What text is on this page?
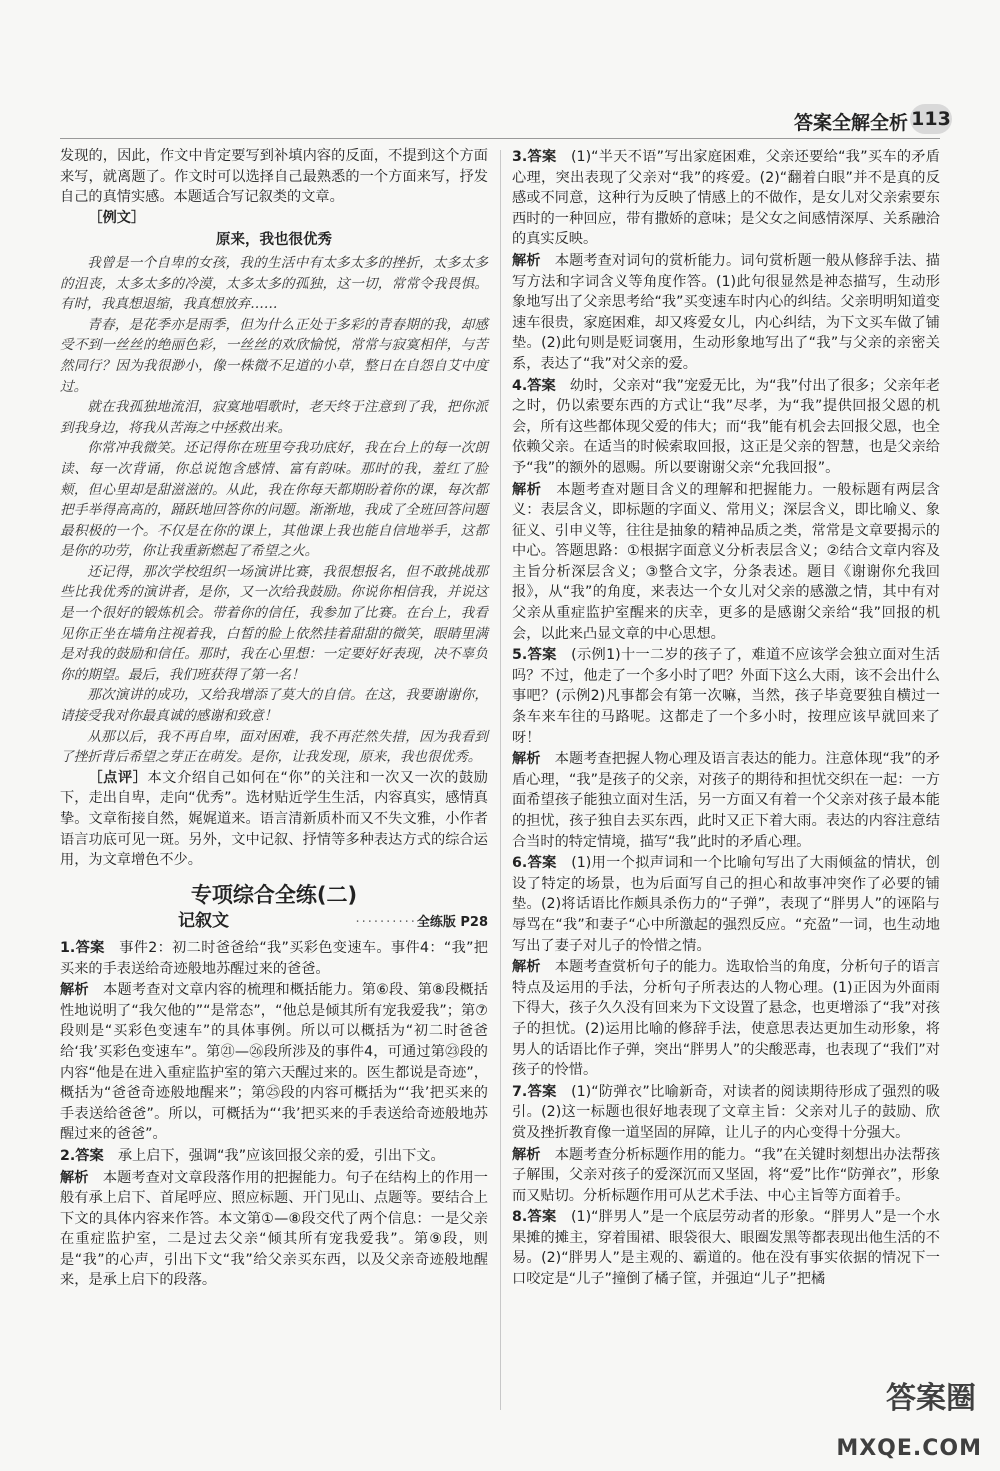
答案全解全析 113

发现的，因此，作文中肯定要写到补填内容的反面，不提到这个方面来写，就离题了。作文时可以选择自己最熟悉的一个方面来写，抒发自己的真情实感。本题适合写记叙类的文章。

［例文］

原来，我也很优秀

我曾是一个自卑的女孩，我的生活中有太多太多的挫折，太多太多的沮丧，太多太多的冷漠，太多太多的孤独，这一切，常常令我畏惧。有时，我真想退缩，我真想放弃……

青春，是花季亦是雨季，但为什么正处于多彩的青春期的我，却感受不到一丝丝的绝丽色彩，一丝丝的欢欣愉悦，常常与寂寞相伴，与苦然同行？因为我很渺小，像一株微不足道的小草，整日在自怨自艾中度过。

就在我孤独地流泪，寂寞地唱歌时，老天终于注意到了我，把你派到我身边，将我从苦海之中拯救出来。

你常冲我微笑。还记得你在班里夸我功底好，我在台上的每一次朗读、每一次背诵，你总说饱含感情、富有韵味。那时的我，羞红了脸颊，但心里却是甜滋滋的。从此，我在你每天都期盼着你的课，每次都把手举得高高的，踊跃地回答你的问题。渐渐地，我成了全班回答问题最积极的一个。不仅是在你的课上，其他课上我也能自信地举手，这都是你的功劳，你让我重新燃起了希望之火。

还记得，那次学校组织一场演讲比赛，我很想报名，但不敢挑战那些比我优秀的演讲者，是你，又一次给我鼓励。你说你相信我，并说这是一个很好的锻炼机会。带着你的信任，我参加了比赛。在台上，我看见你正坐在墙角注视着我，白皙的脸上依然挂着甜甜的微笑，眼睛里满是对我的鼓励和信任。那时，我在心里想：一定要好好表现，决不辜负你的期望。最后，我们班获得了第一名！

那次演讲的成功，又给我增添了莫大的自信。在这，我要谢谢你，请接受我对你最真诚的感谢和致意！

从那以后，我不再自卑，面对困难，我不再茫然失措，因为我看到了挫折背后希望之芽正在萌发。是你，让我发现，原来，我也很优秀。

［点评］本文介绍自己如何在“你”的关注和一次又一次的鼓励下，走出自卑，走向“优秀”。选材贴近学生生活，内容真实，感情真挚。文章衔接自然，娓娓道来。语言清新质朴而又不失文雅，小作者语言功底可见一斑。另外，文中记叙、抒情等多种表达方式的综合运用，为文章增色不少。

专项综合全练(二)
记叙文	··········全练版 P28

1.答案　 事件2：初二时爸爸给“我”买彩色变速车。事件4：“我”把买来的手表送给奇迹般地苏醒过来的爸爸。

解析　 本题考查对文章内容的梳理和概括能力。第⑥段、第⑧段概括性地说明了“我欠他的”“是常态”，“他总是倾其所有宠我爱我”；第⑦段则是“买彩色变速车”的具体事例。所以可以概括为“初二时爸爸给‘我’买彩色变速车”。第㉑—㉖段所涉及的事件4，可通过第㉓段的内容“他是在进入重症监护室的第六天醒过来的。医生都说是奇迹”，概括为“爸爸奇迹般地醒来”；第㉕段的内容可概括为“‘我’把买来的手表送给爸爸”。所以，可概括为“‘我’把买来的手表送给奇迹般地苏醒过来的爸爸”。

2.答案　 承上启下，强调“我”应该回报父亲的爱，引出下文。

解析　 本题考查对文章段落作用的把握能力。句子在结构上的作用一般有承上启下、首尾呼应、照应标题、开门见山、点题等。要结合上下文的具体内容来作答。本文第①—⑧段交代了两个信息：一是父亲在重症监护室，二是过去父亲“倾其所有宠我爱我”。第⑨段，则是“我”的心声，引出下文“我”给父亲买东西，以及父亲奇迹般地醒来，是承上启下的段落。

3.答案　 (1)“半天不语”写出家庭困难，父亲还要给“我”买车的矛盾心理，突出表现了父亲对“我”的疼爱。(2)“翻着白眼”并不是真的反感或不同意，这种行为反映了情感上的不做作，是女儿对父亲索要东西时的一种回应，带有撒娇的意味；是父女之间感情深厚、关系融洽的真实反映。

解析　 本题考查对词句的赏析能力。词句赏析题一般从修辞手法、描写方法和字词含义等角度作答。(1)此句很显然是神态描写，生动形象地写出了父亲思考给“我”买变速车时内心的纠结。父亲明明知道变速车很贵，家庭困难，却又疼爱女儿，内心纠结，为下文买车做了铺垫。(2)此句则是贬词褒用，生动形象地写出了“我”与父亲的亲密关系，表达了“我”对父亲的爱。

4.答案　 幼时，父亲对“我”宠爱无比，为“我”付出了很多；父亲年老之时，仍以索要东西的方式让“我”尽孝，为“我”提供回报父恩的机会，所有这些都体现父爱的伟大；而“我”能有机会去回报父恩，也全依赖父亲。在适当的时候索取回报，这正是父亲的智慧，也是父亲给予“我”的额外的恩赐。所以要谢谢父亲“允我回报”。

解析　 本题考查对题目含义的理解和把握能力。一般标题有两层含义：表层含义，即标题的字面义、常用义；深层含义，即比喻义、象征义、引申义等，往往是抽象的精神品质之类，常常是文章要揭示的中心。答题思路：①根据字面意义分析表层含义；②结合文章内容及主旨分析深层含义；③整合文字，分条表述。题目《谢谢你允我回报》，从“我”的角度，来表达一个女儿对父亲的感激之情，其中有对父亲从重症监护室醒来的庆幸，更多的是感谢父亲给“我”回报的机会，以此来凸显文章的中心思想。

5.答案　 (示例1)十一二岁的孩子了，难道不应该学会独立面对生活吗？不过，他走了一个多小时了吧？外面下这么大雨，该不会出什么事吧？(示例2)凡事都会有第一次嘛，当然，孩子毕竟要独自横过一条车来车往的马路呢。这都走了一个多小时，按理应该早就回来了呀！

解析　 本题考查把握人物心理及语言表达的能力。注意体现“我”的矛盾心理，“我”是孩子的父亲，对孩子的期待和担忧交织在一起：一方面希望孩子能独立面对生活，另一方面又有着一个父亲对孩子最本能的担忧，孩子独自去买东西，此时又正下着大雨。表达的内容注意结合当时的特定情境，描写“我”此时的矛盾心理。

6.答案　 (1)用一个拟声词和一个比喻句写出了大雨倾盆的情状，创设了特定的场景，也为后面写自己的担心和故事冲突作了必要的铺垫。(2)将话语比作颇具杀伤力的“子弹”，表现了“胖男人”的诬陷与辱骂在“我”和妻子“心中所激起的强烈反应。“充盈”一词，也生动地写出了妻子对儿子的怜惜之情。

解析　 本题考查赏析句子的能力。选取恰当的角度，分析句子的语言特点及运用的手法，分析句子所表达的人物心理。(1)正因为外面雨下得大，孩子久久没有回来为下文设置了悬念，也更增添了“我”对孩子的担忧。(2)运用比喻的修辞手法，使意思表达更加生动形象，将男人的话语比作子弹，突出“胖男人”的尖酸恶毒，也表现了“我们”对孩子的怜惜。

7.答案　 (1)“防弹衣”比喻新奇，对读者的阅读期待形成了强烈的吸引。(2)这一标题也很好地表现了文章主旨：父亲对儿子的鼓励、欣赏及挫折教育像一道坚固的屏障，让儿子的内心变得十分强大。

解析　 本题考查分析标题作用的能力。“我”在关键时刻想出办法帮孩子解围，父亲对孩子的爱深沉而又坚固，将“爱”比作“防弹衣”，形象而又贴切。分析标题作用可从艺术手法、中心主旨等方面着手。

8.答案　 (1)“胖男人”是一个底层劳动者的形象。“胖男人”是一个水果摊的摊主，穿着围裙、眼袋很大、眼圈发黑等都表现出他生活的不易。(2)“胖男人”是主观的、霸道的。他在没有事实依据的情况下一口咬定是“儿子”撞倒了橘子筐，并强迫“儿子”把橘

答案圈
MXQE.COM
